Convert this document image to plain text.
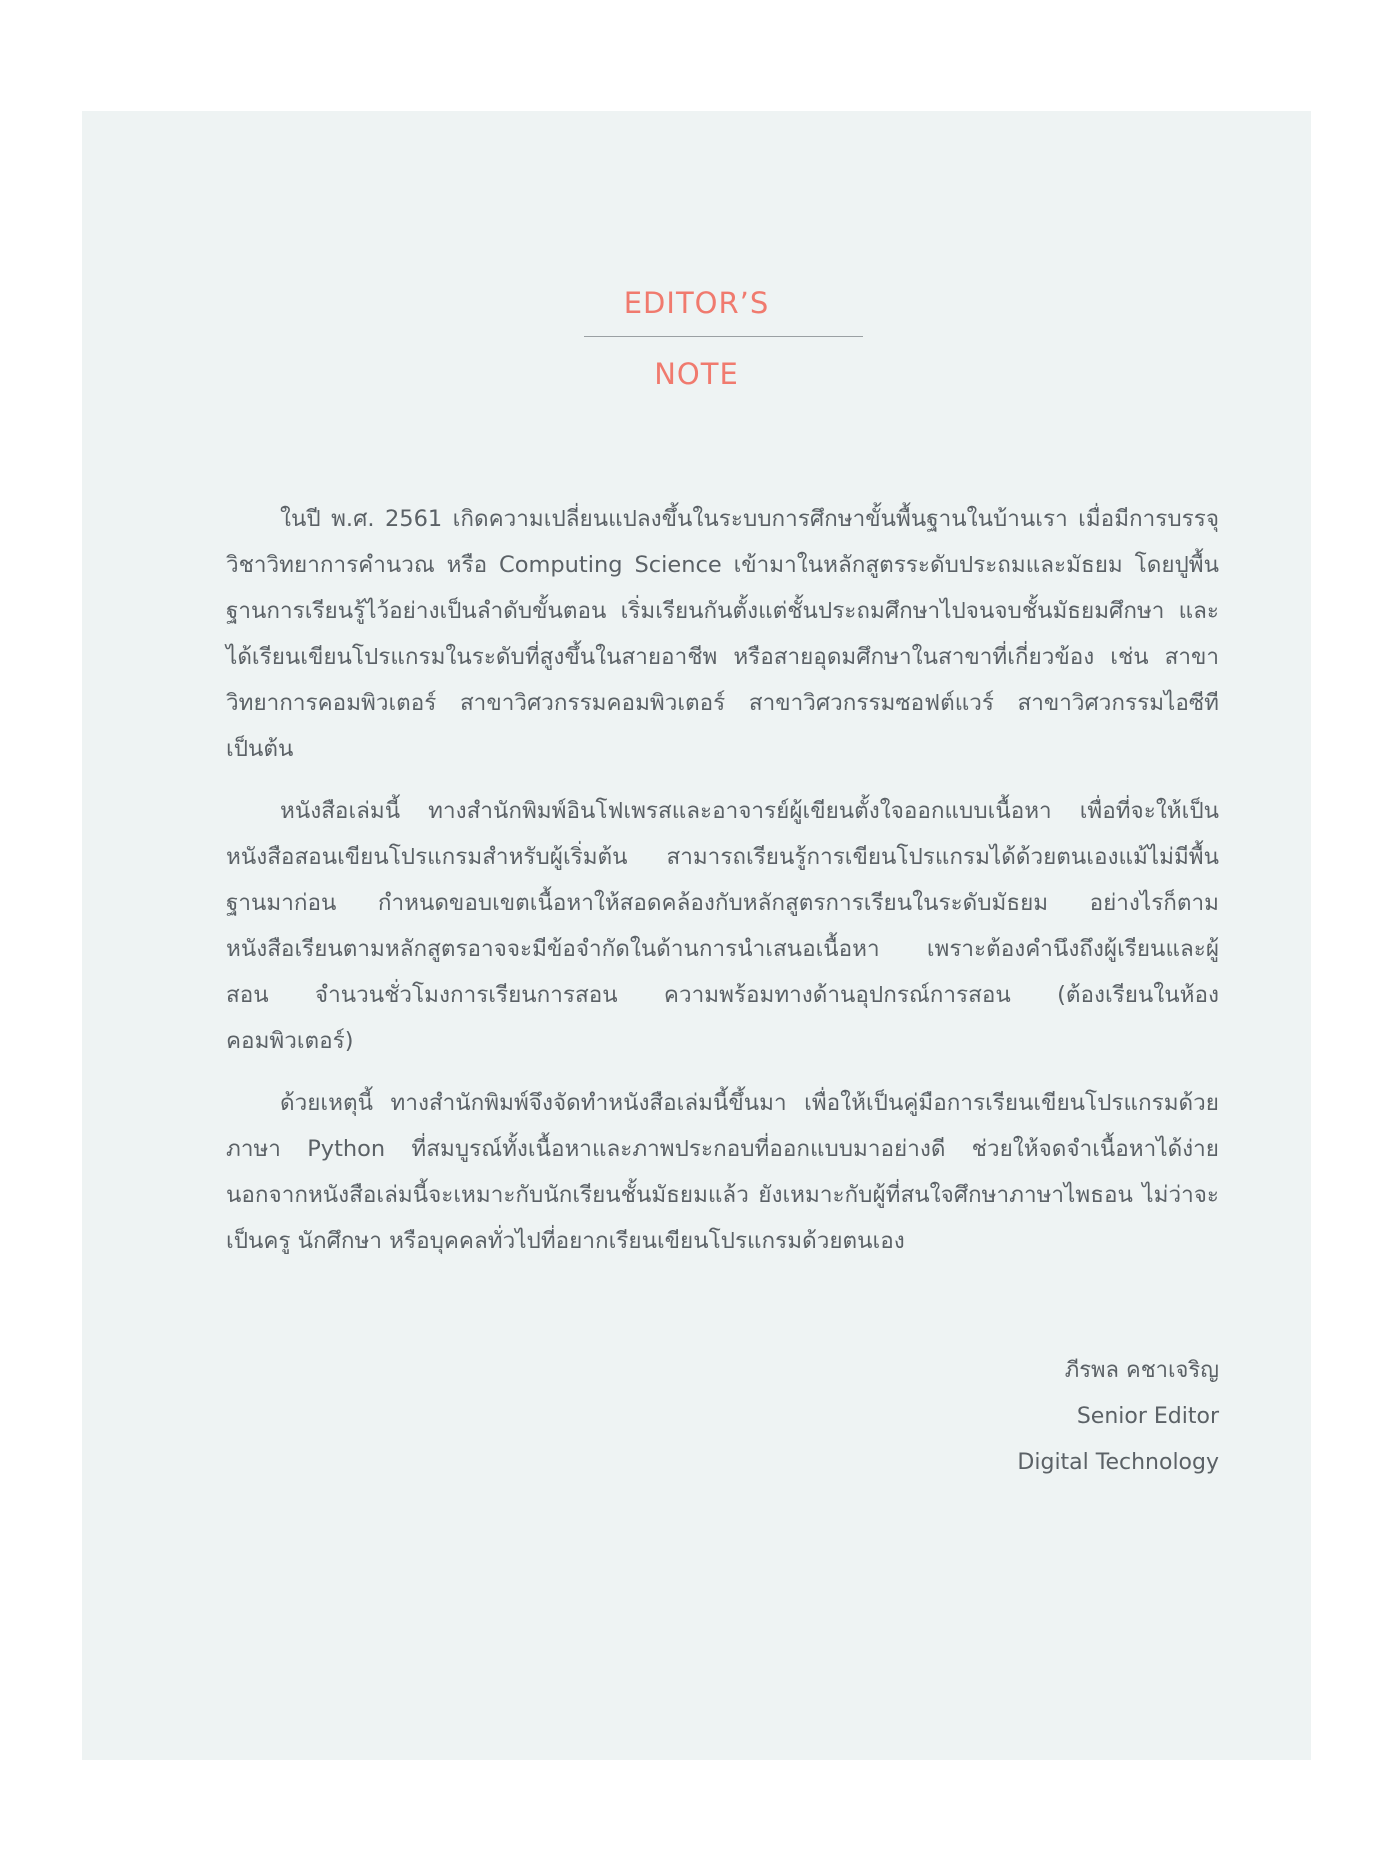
EDITOR’S
NOTE

ในปี พ.ศ. 2561 เกิดความเปลี่ยนแปลงขึ้นในระบบการศึกษาขั้นพื้นฐานในบ้านเรา เมื่อมีการบรรจุวิชาวิทยาการคำนวณ หรือ Computing Science เข้ามาในหลักสูตรระดับประถมและมัธยม โดยปูพื้นฐานการเรียนรู้ไว้อย่างเป็นลำดับขั้นตอน เริ่มเรียนกันตั้งแต่ชั้นประถมศึกษาไปจนจบชั้นมัธยมศึกษา และได้เรียนเขียนโปรแกรมในระดับที่สูงขึ้นในสายอาชีพ หรือสายอุดมศึกษาในสาขาที่เกี่ยวข้อง เช่น สาขาวิทยาการคอมพิวเตอร์ สาขาวิศวกรรมคอมพิวเตอร์ สาขาวิศวกรรมซอฟต์แวร์ สาขาวิศวกรรมไอซีที เป็นต้น

หนังสือเล่มนี้ ทางสำนักพิมพ์อินโฟเพรสและอาจารย์ผู้เขียนตั้งใจออกแบบเนื้อหา เพื่อที่จะให้เป็นหนังสือสอนเขียนโปรแกรมสำหรับผู้เริ่มต้น สามารถเรียนรู้การเขียนโปรแกรมได้ด้วยตนเองแม้ไม่มีพื้นฐานมาก่อน กำหนดขอบเขตเนื้อหาให้สอดคล้องกับหลักสูตรการเรียนในระดับมัธยม อย่างไรก็ตาม หนังสือเรียนตามหลักสูตรอาจจะมีข้อจำกัดในด้านการนำเสนอเนื้อหา เพราะต้องคำนึงถึงผู้เรียนและผู้สอน จำนวนชั่วโมงการเรียนการสอน ความพร้อมทางด้านอุปกรณ์การสอน (ต้องเรียนในห้องคอมพิวเตอร์)

ด้วยเหตุนี้ ทางสำนักพิมพ์จึงจัดทำหนังสือเล่มนี้ขึ้นมา เพื่อให้เป็นคู่มือการเรียนเขียนโปรแกรมด้วยภาษา Python ที่สมบูรณ์ทั้งเนื้อหาและภาพประกอบที่ออกแบบมาอย่างดี ช่วยให้จดจำเนื้อหาได้ง่าย นอกจากหนังสือเล่มนี้จะเหมาะกับนักเรียนชั้นมัธยมแล้ว ยังเหมาะกับผู้ที่สนใจศึกษาภาษาไพธอน ไม่ว่าจะเป็นครู นักศึกษา หรือบุคคลทั่วไปที่อยากเรียนเขียนโปรแกรมด้วยตนเอง

ภีรพล คชาเจริญ
Senior Editor
Digital Technology
